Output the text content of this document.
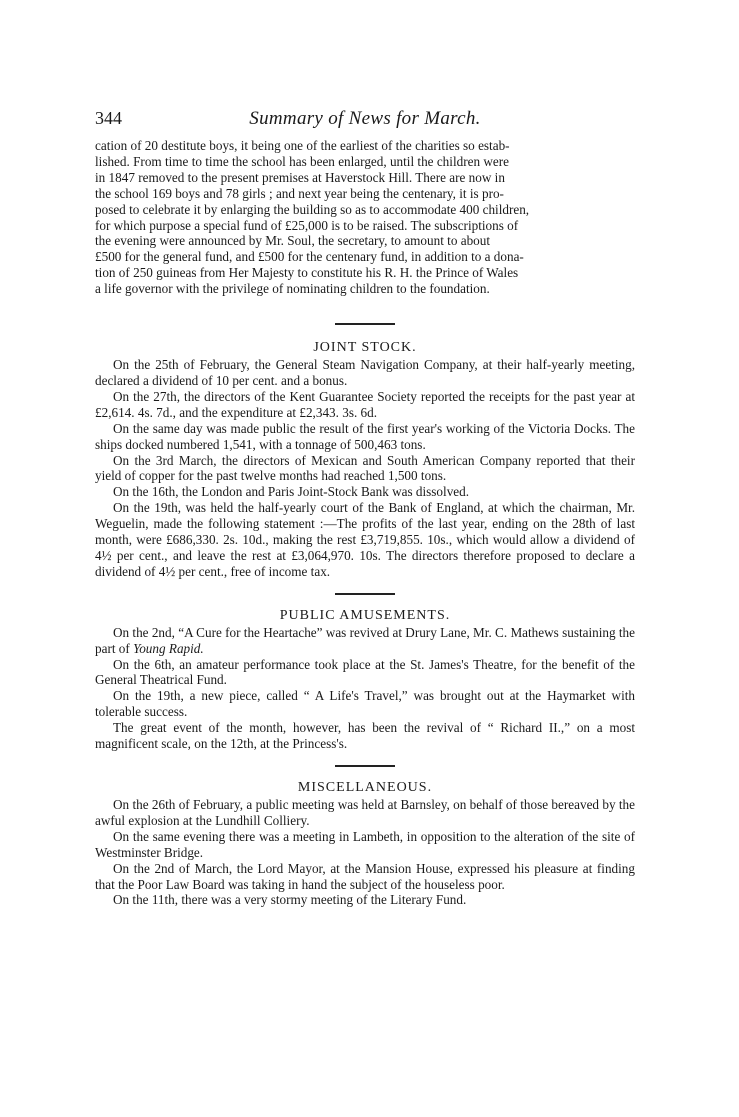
344	Summary of News for March.

cation of 20 destitute boys, it being one of the earliest of the charities so estab-

lished. From time to time the school has been enlarged, until the children were

in 1847 removed to the present premises at Haverstock Hill. There are now in

the school 169 boys and 78 girls ; and next year being the centenary, it is pro-

posed to celebrate it by enlarging the building so as to accommodate 400 children,

for which purpose a special fund of £25,000 is to be raised. The subscriptions of

the evening were announced by Mr. Soul, the secretary, to amount to about

£500 for the general fund, and £500 for the centenary fund, in addition to a dona-

tion of 250 guineas from Her Majesty to constitute his R. H. the Prince of Wales

a life governor with the privilege of nominating children to the foundation.

JOINT STOCK.

On the 25th of February, the General Steam Navigation Company, at their half-yearly meeting, declared a dividend of 10 per cent. and a bonus.

On the 27th, the directors of the Kent Guarantee Society reported the receipts for the past year at £2,614. 4s. 7d., and the expenditure at £2,343. 3s. 6d.

On the same day was made public the result of the first year's working of the Victoria Docks. The ships docked numbered 1,541, with a tonnage of 500,463 tons.

On the 3rd March, the directors of Mexican and South American Company reported that their yield of copper for the past twelve months had reached 1,500 tons.

On the 16th, the London and Paris Joint-Stock Bank was dissolved.

On the 19th, was held the half-yearly court of the Bank of England, at which the chairman, Mr. Weguelin, made the following statement :—The profits of the last year, ending on the 28th of last month, were £686,330. 2s. 10d., making the rest £3,719,855. 10s., which would allow a dividend of 4½ per cent., and leave the rest at £3,064,970. 10s. The directors therefore proposed to declare a dividend of 4½ per cent., free of income tax.

PUBLIC AMUSEMENTS.

On the 2nd, “A Cure for the Heartache” was revived at Drury Lane, Mr. C. Mathews sustaining the part of Young Rapid.

On the 6th, an amateur performance took place at the St. James's Theatre, for the benefit of the General Theatrical Fund.

On the 19th, a new piece, called “ A Life's Travel,” was brought out at the Haymarket with tolerable success.

The great event of the month, however, has been the revival of “ Richard II.,” on a most magnificent scale, on the 12th, at the Princess's.

MISCELLANEOUS.

On the 26th of February, a public meeting was held at Barnsley, on behalf of those bereaved by the awful explosion at the Lundhill Colliery.

On the same evening there was a meeting in Lambeth, in opposition to the alteration of the site of Westminster Bridge.

On the 2nd of March, the Lord Mayor, at the Mansion House, expressed his pleasure at finding that the Poor Law Board was taking in hand the subject of the houseless poor.

On the 11th, there was a very stormy meeting of the Literary Fund.
